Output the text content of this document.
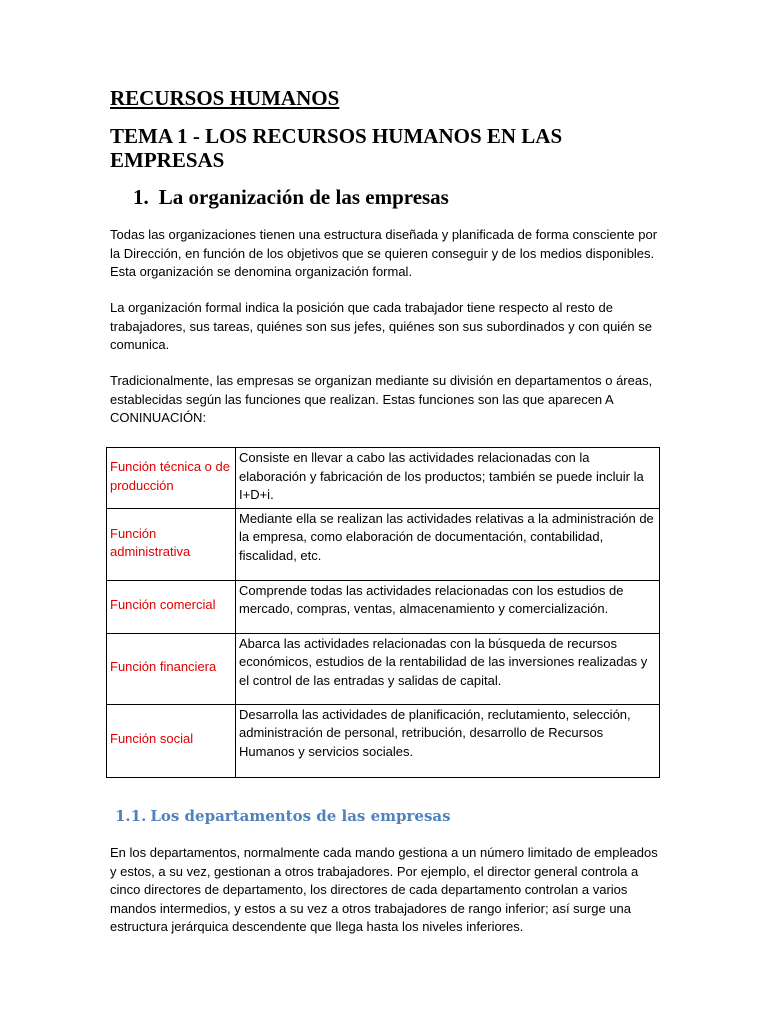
RECURSOS HUMANOS
TEMA 1 - LOS RECURSOS HUMANOS EN LAS EMPRESAS
1. La organización de las empresas

Todas las organizaciones tienen una estructura diseñada y planificada de forma consciente por la Dirección, en función de los objetivos que se quieren conseguir y de los medios disponibles. Esta organización se denomina organización formal.

La organización formal indica la posición que cada trabajador tiene respecto al resto de trabajadores, sus tareas, quiénes son sus jefes, quiénes son sus subordinados y con quién se comunica.

Tradicionalmente, las empresas se organizan mediante su división en departamentos o áreas, establecidas según las funciones que realizan. Estas funciones son las que aparecen A CONINUACIÓN:

Función técnica o de producción	Consiste en llevar a cabo las actividades relacionadas con la elaboración y fabricación de los productos; también se puede incluir la I+D+i.
Función administrativa	Mediante ella se realizan las actividades relativas a la administración de la empresa, como elaboración de documentación, contabilidad, fiscalidad, etc.
Función comercial	Comprende todas las actividades relacionadas con los estudios de mercado, compras, ventas, almacenamiento y comercialización.
Función financiera	Abarca las actividades relacionadas con la búsqueda de recursos económicos, estudios de la rentabilidad de las inversiones realizadas y el control de las entradas y salidas de capital.
Función social	Desarrolla las actividades de planificación, reclutamiento, selección, administración de personal, retribución, desarrollo de Recursos Humanos y servicios sociales.
1.1. Los departamentos de las empresas

En los departamentos, normalmente cada mando gestiona a un número limitado de empleados y estos, a su vez, gestionan a otros trabajadores. Por ejemplo, el director general controla a cinco directores de departamento, los directores de cada departamento controlan a varios mandos intermedios, y estos a su vez a otros trabajadores de rango inferior; así surge una estructura jerárquica descendente que llega hasta los niveles inferiores.
